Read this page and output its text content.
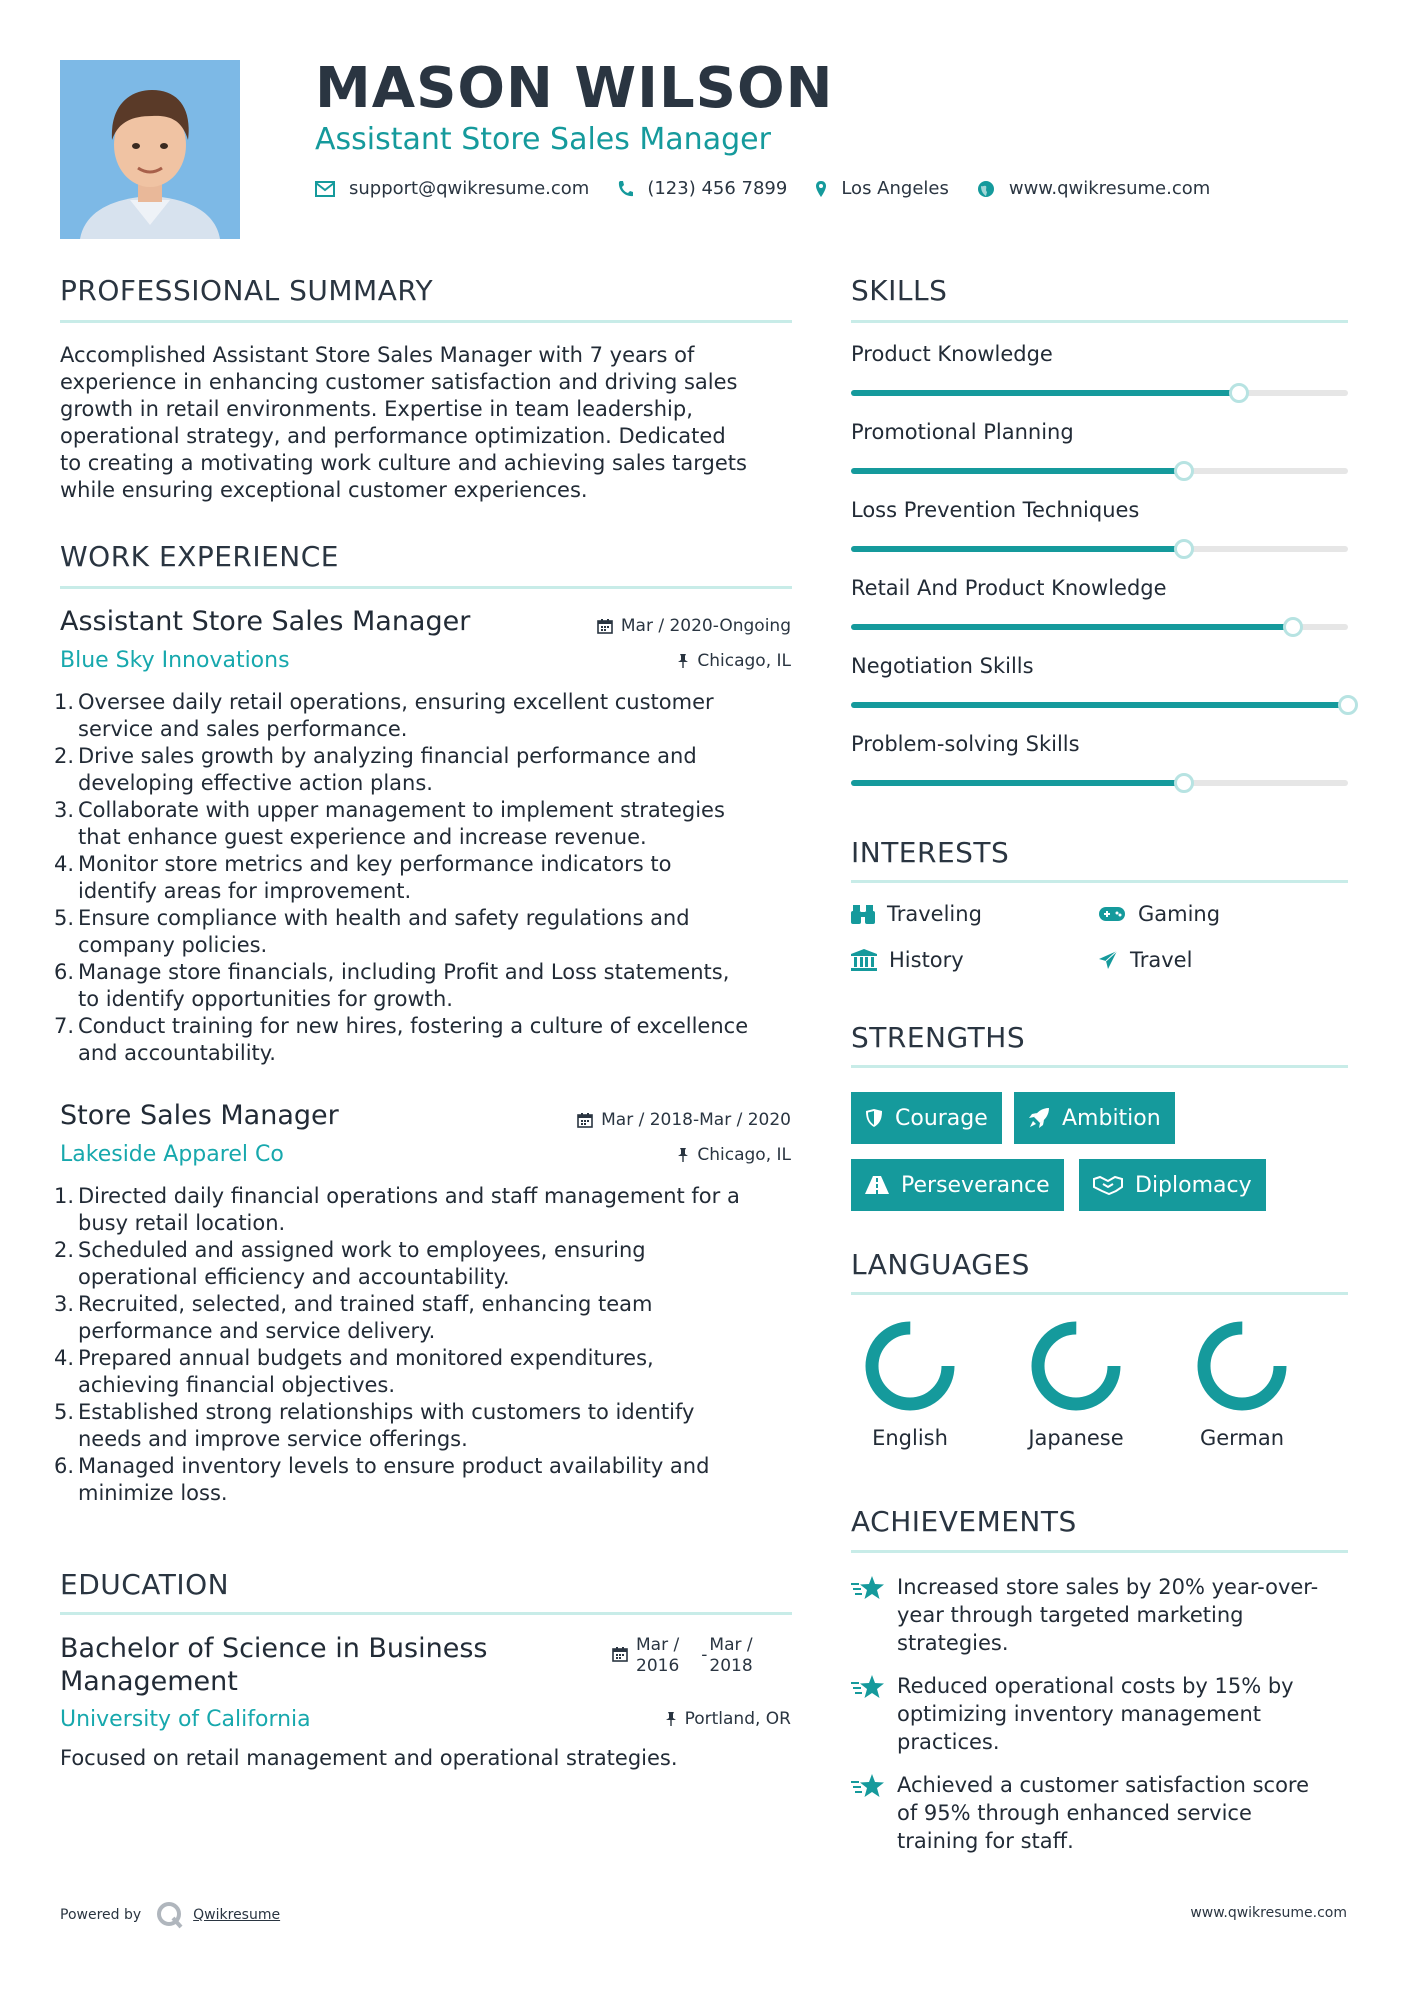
MASON WILSON
Assistant Store Sales Manager
support@qwikresume.com	(123) 456 7899	Los Angeles	www.qwikresume.com
PROFESSIONAL SUMMARY
Accomplished Assistant Store Sales Manager with 7 years of
experience in enhancing customer satisfaction and driving sales
growth in retail environments. Expertise in team leadership,
operational strategy, and performance optimization. Dedicated
to creating a motivating work culture and achieving sales targets
while ensuring exceptional customer experiences.
WORK EXPERIENCE
Assistant Store Sales Manager	Mar / 2020-Ongoing
Blue Sky Innovations	Chicago, IL
1. Oversee daily retail operations, ensuring excellent customer
service and sales performance.
2. Drive sales growth by analyzing financial performance and
developing effective action plans.
3. Collaborate with upper management to implement strategies
that enhance guest experience and increase revenue.
4. Monitor store metrics and key performance indicators to
identify areas for improvement.
5. Ensure compliance with health and safety regulations and
company policies.
6. Manage store financials, including Profit and Loss statements,
to identify opportunities for growth.
7. Conduct training for new hires, fostering a culture of excellence
and accountability.
Store Sales Manager	Mar / 2018-Mar / 2020
Lakeside Apparel Co	Chicago, IL
1. Directed daily financial operations and staff management for a
busy retail location.
2. Scheduled and assigned work to employees, ensuring
operational efficiency and accountability.
3. Recruited, selected, and trained staff, enhancing team
performance and service delivery.
4. Prepared annual budgets and monitored expenditures,
achieving financial objectives.
5. Established strong relationships with customers to identify
needs and improve service offerings.
6. Managed inventory levels to ensure product availability and
minimize loss.
EDUCATION
Bachelor of Science in Business
Management
Mar /
2016
- Mar /
2018
University of California	Portland, OR
Focused on retail management and operational strategies.
SKILLS
Product Knowledge
Promotional Planning
Loss Prevention Techniques
Retail And Product Knowledge
Negotiation Skills
Problem-solving Skills
INTERESTS
Traveling	Gaming
History	Travel
STRENGTHS
Courage	Ambition
Perseverance	Diplomacy
LANGUAGES
English	Japanese	German
ACHIEVEMENTS
Increased store sales by 20% year-over-
year through targeted marketing
strategies.
Reduced operational costs by 15% by
optimizing inventory management
practices.
Achieved a customer satisfaction score
of 95% through enhanced service
training for staff.
Powered by	Qwikresume	www.qwikresume.com
